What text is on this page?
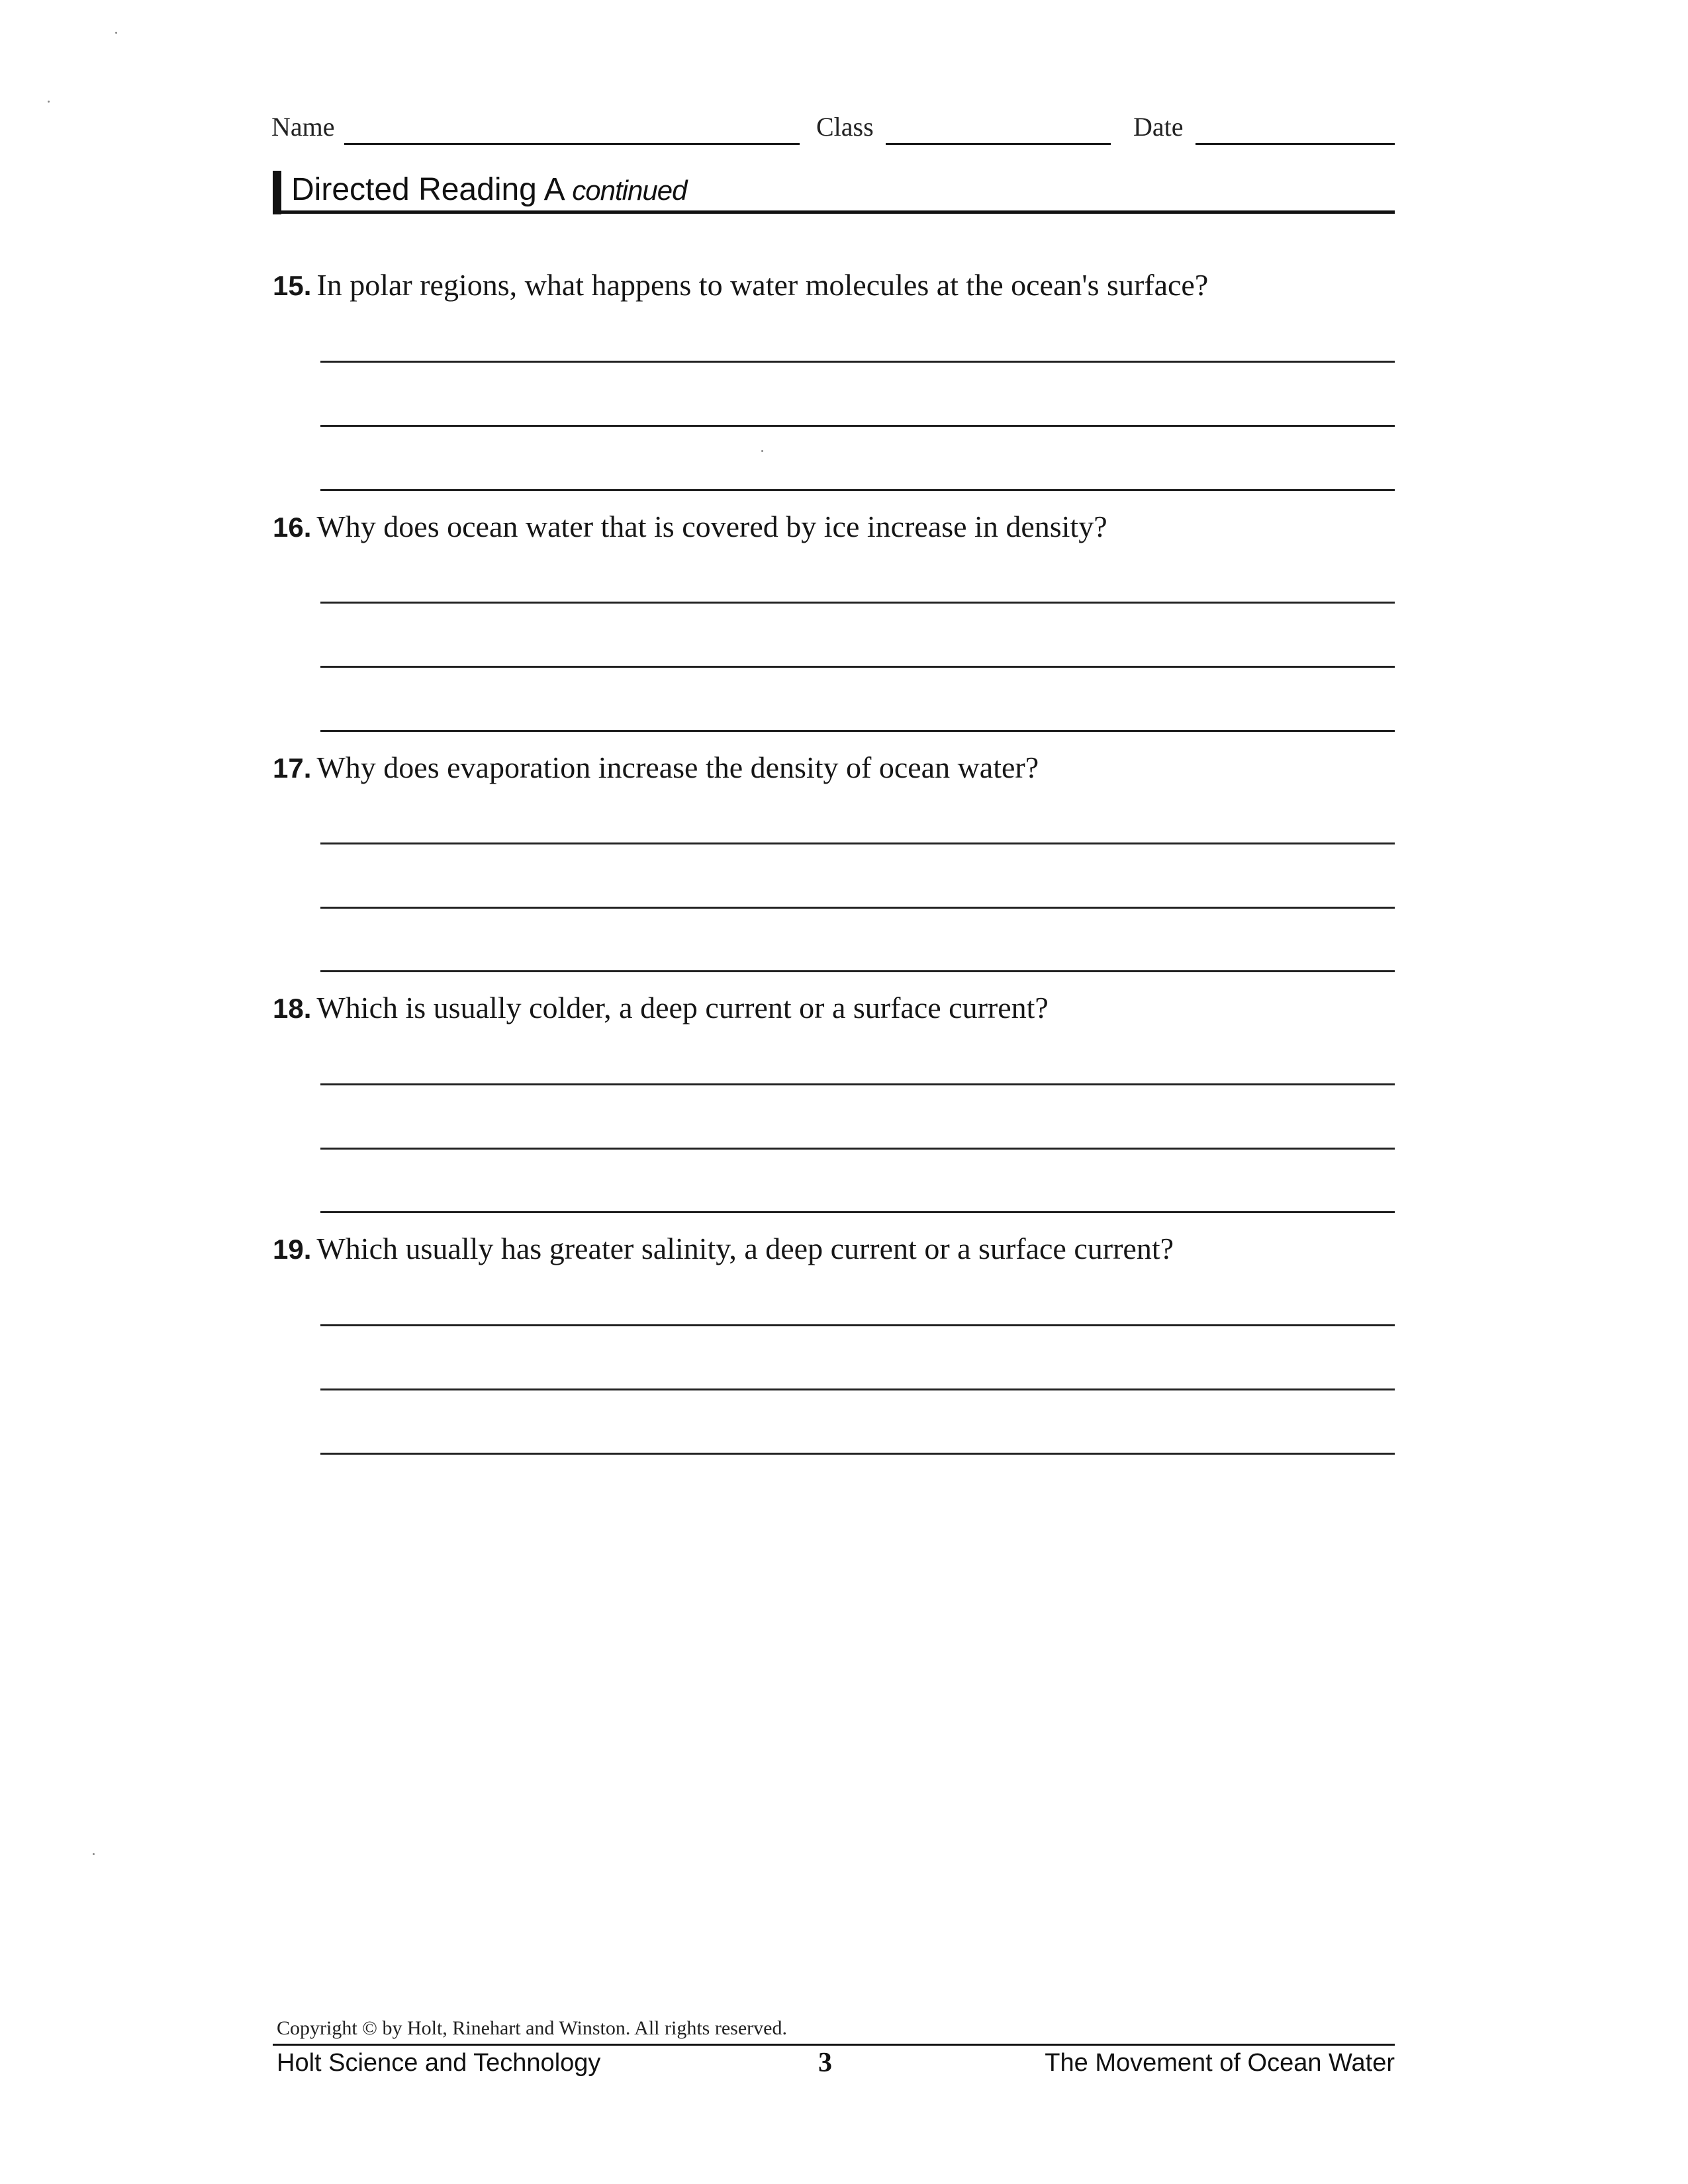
Name	Class	Date
Directed Reading A continued
15. In polar regions, what happens to water molecules at the ocean's surface?
16. Why does ocean water that is covered by ice increase in density?
17. Why does evaporation increase the density of ocean water?
18. Which is usually colder, a deep current or a surface current?
19. Which usually has greater salinity, a deep current or a surface current?
Copyright © by Holt, Rinehart and Winston. All rights reserved.
Holt Science and Technology	3	The Movement of Ocean Water
